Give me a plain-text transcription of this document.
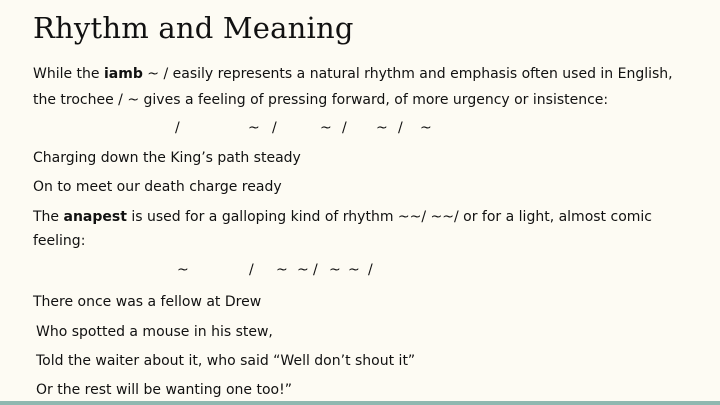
Rhythm and Meaning
While the iamb ~ / easily represents a natural rhythm and emphasis often used in English,
the trochee / ~ gives a feeling of pressing forward, of more urgency or insistence:
/	~ /	~ / ~ / ~
Charging down the King’s path steady
On to meet our death charge ready
The anapest is used for a galloping kind of rhythm ~~/ ~~/ or for a light, almost comic
feeling:
~	/ ~ ~ / ~ ~ /
There once was a fellow at Drew
Who spotted a mouse in his stew,
Told the waiter about it, who said “Well don’t shout it”
Or the rest will be wanting one too!”
